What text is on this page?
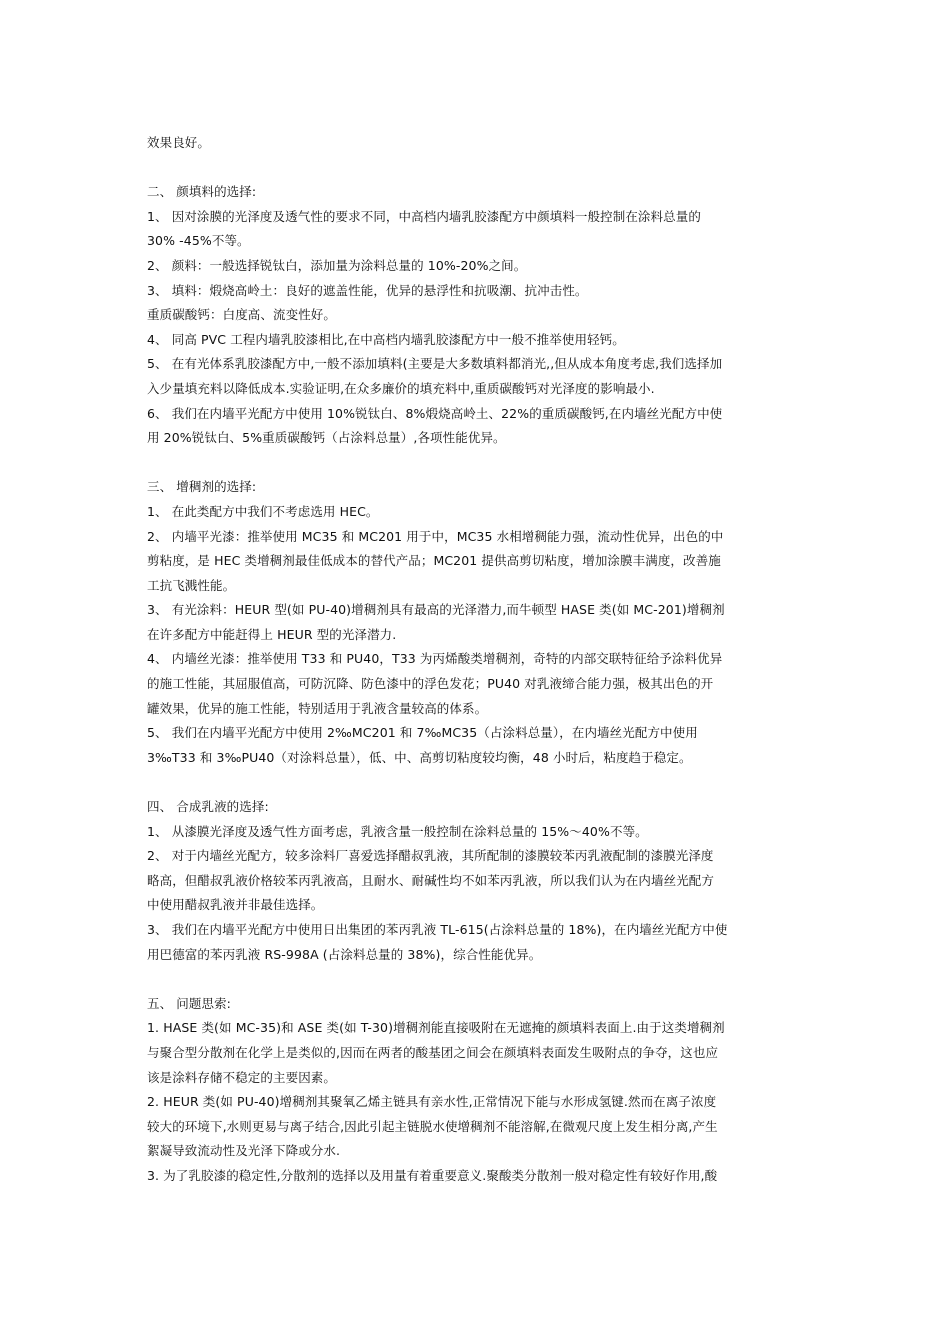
效果良好。
二、 颜填料的选择:
1、 因对涂膜的光泽度及透气性的要求不同，中高档内墙乳胶漆配方中颜填料一般控制在涂料总量的
30% -45%不等。
2、 颜料：一般选择锐钛白，添加量为涂料总量的 10%-20%之间。
3、 填料：煅烧高岭土：良好的遮盖性能，优异的悬浮性和抗吸潮、抗冲击性。
重质碳酸钙：白度高、流变性好。
4、 同高 PVC 工程内墙乳胶漆相比,在中高档内墙乳胶漆配方中一般不推举使用轻钙。
5、 在有光体系乳胶漆配方中,一般不添加填料(主要是大多数填料都消光,,但从成本角度考虑,我们选择加
入少量填充料以降低成本.实验证明,在众多廉价的填充料中,重质碳酸钙对光泽度的影响最小.
6、 我们在内墙平光配方中使用 10%锐钛白、8%煅烧高岭土、22%的重质碳酸钙,在内墙丝光配方中使
用 20%锐钛白、5%重质碳酸钙（占涂料总量）,各项性能优异。
三、 增稠剂的选择:
1、 在此类配方中我们不考虑选用 HEC。
2、 内墙平光漆：推举使用 MC35 和 MC201 用于中，MC35 水相增稠能力强，流动性优异，出色的中
剪粘度，是 HEC 类增稠剂最佳低成本的替代产品；MC201 提供高剪切粘度，增加涂膜丰满度，改善施
工抗飞溅性能。
3、 有光涂料：HEUR 型(如 PU-40)增稠剂具有最高的光泽潜力,而牛顿型 HASE 类(如 MC-201)增稠剂
在许多配方中能赶得上 HEUR 型的光泽潜力.
4、 内墙丝光漆：推举使用 T33 和 PU40，T33 为丙烯酸类增稠剂，奇特的内部交联特征给予涂料优异
的施工性能，其屈服值高，可防沉降、防色漆中的浮色发花；PU40 对乳液缔合能力强，极其出色的开
罐效果，优异的施工性能，特别适用于乳液含量较高的体系。
5、 我们在内墙平光配方中使用 2‰MC201 和 7‰MC35（占涂料总量），在内墙丝光配方中使用
3‰T33 和 3‰PU40（对涂料总量），低、中、高剪切粘度较均衡，48 小时后，粘度趋于稳定。
四、 合成乳液的选择:
1、 从漆膜光泽度及透气性方面考虑，乳液含量一般控制在涂料总量的 15%～40%不等。
2、 对于内墙丝光配方，较多涂料厂喜爱选择醋叔乳液，其所配制的漆膜较苯丙乳液配制的漆膜光泽度
略高，但醋叔乳液价格较苯丙乳液高，且耐水、耐碱性均不如苯丙乳液，所以我们认为在内墙丝光配方
中使用醋叔乳液并非最佳选择。
3、 我们在内墙平光配方中使用日出集团的苯丙乳液 TL-615(占涂料总量的 18%)，在内墙丝光配方中使
用巴德富的苯丙乳液 RS-998A (占涂料总量的 38%)，综合性能优异。
五、 问题思索:
1. HASE 类(如 MC-35)和 ASE 类(如 T-30)增稠剂能直接吸附在无遮掩的颜填料表面上.由于这类增稠剂
与聚合型分散剂在化学上是类似的,因而在两者的酸基团之间会在颜填料表面发生吸附点的争夺，这也应
该是涂料存储不稳定的主要因素。
2. HEUR 类(如 PU-40)增稠剂其聚氧乙烯主链具有亲水性,正常情况下能与水形成氢键.然而在离子浓度
较大的环境下,水则更易与离子结合,因此引起主链脱水使增稠剂不能溶解,在微观尺度上发生相分离,产生
絮凝导致流动性及光泽下降或分水.
3. 为了乳胶漆的稳定性,分散剂的选择以及用量有着重要意义.聚酸类分散剂一般对稳定性有较好作用,酸
